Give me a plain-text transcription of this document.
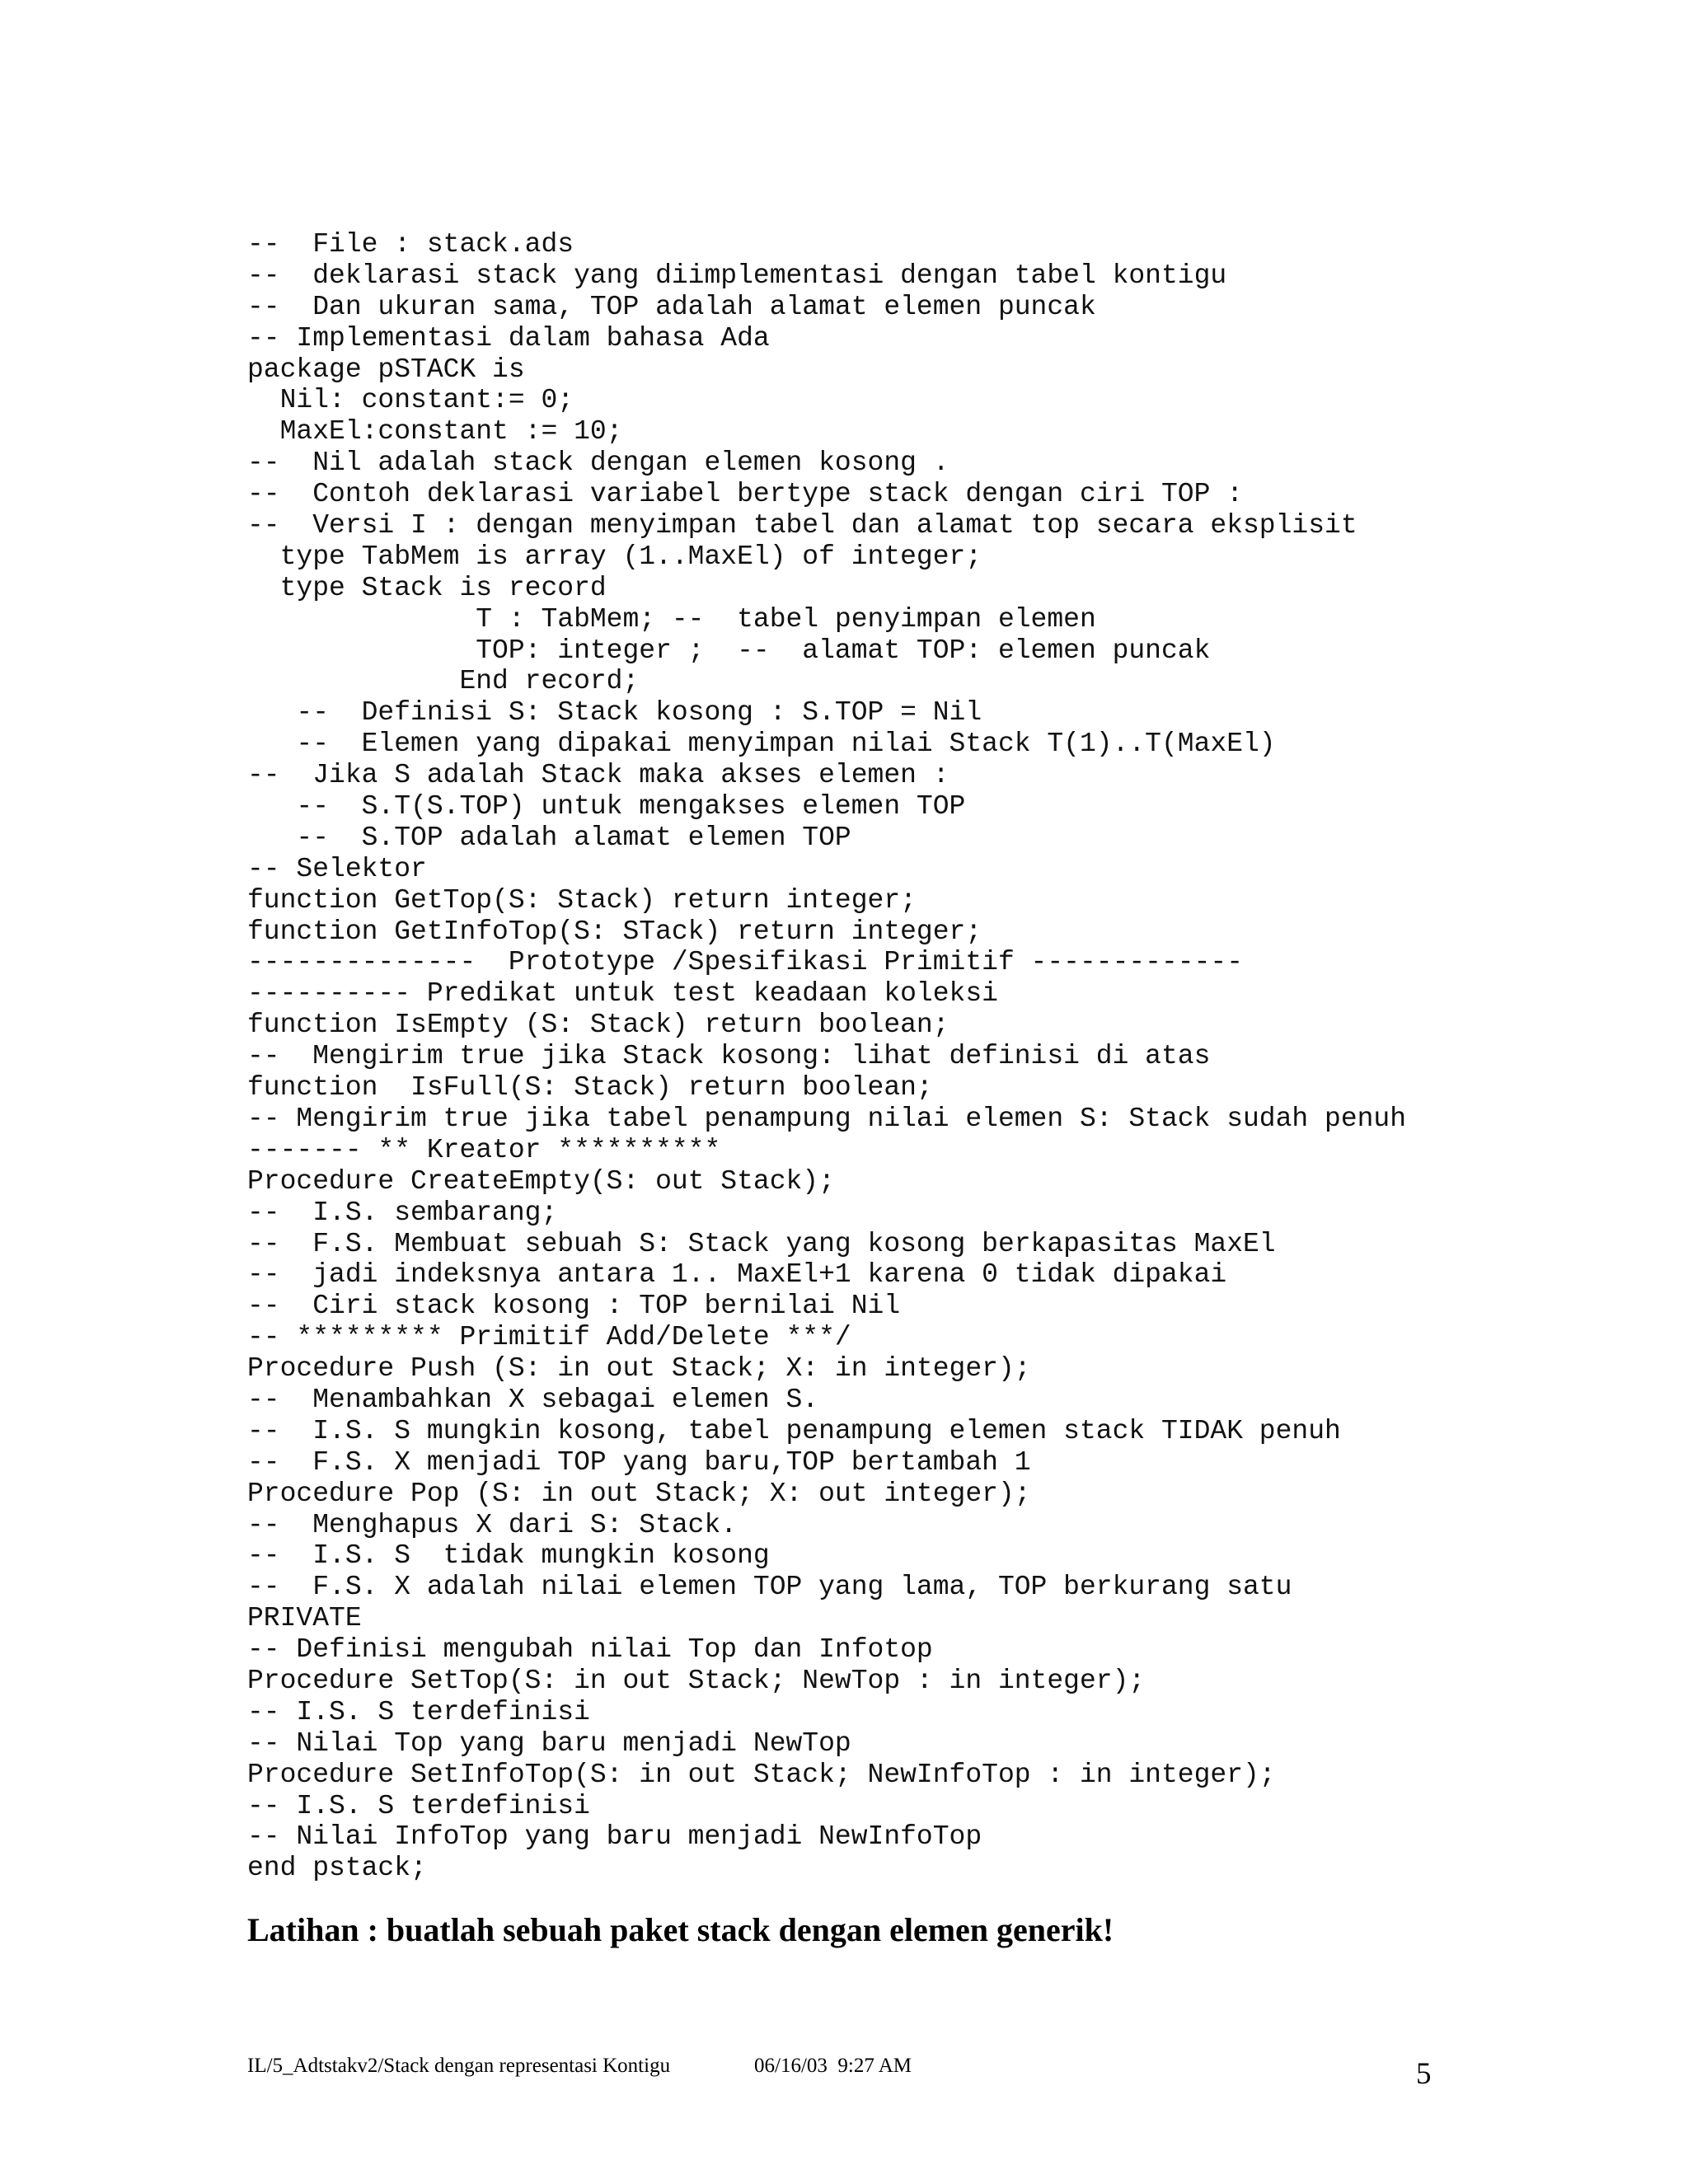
--  File : stack.ads
--  deklarasi stack yang diimplementasi dengan tabel kontigu
--  Dan ukuran sama, TOP adalah alamat elemen puncak
-- Implementasi dalam bahasa Ada
package pSTACK is
Nil: constant:= 0;
MaxEl:constant := 10;
--  Nil adalah stack dengan elemen kosong .
--  Contoh deklarasi variabel bertype stack dengan ciri TOP :
--  Versi I : dengan menyimpan tabel dan alamat top secara eksplisit
type TabMem is array (1..MaxEl) of integer;
type Stack is record
T : TabMem; --  tabel penyimpan elemen
TOP: integer ;  --  alamat TOP: elemen puncak
End record;
--  Definisi S: Stack kosong : S.TOP = Nil
--  Elemen yang dipakai menyimpan nilai Stack T(1)..T(MaxEl)
--  Jika S adalah Stack maka akses elemen :
--  S.T(S.TOP) untuk mengakses elemen TOP
--  S.TOP adalah alamat elemen TOP
-- Selektor
function GetTop(S: Stack) return integer;
function GetInfoTop(S: STack) return integer;
--------------  Prototype /Spesifikasi Primitif -------------
---------- Predikat untuk test keadaan koleksi
function IsEmpty (S: Stack) return boolean;
--  Mengirim true jika Stack kosong: lihat definisi di atas
function  IsFull(S: Stack) return boolean;
-- Mengirim true jika tabel penampung nilai elemen S: Stack sudah penuh
------- ** Kreator **********
Procedure CreateEmpty(S: out Stack);
--  I.S. sembarang;
--  F.S. Membuat sebuah S: Stack yang kosong berkapasitas MaxEl
--  jadi indeksnya antara 1.. MaxEl+1 karena 0 tidak dipakai
--  Ciri stack kosong : TOP bernilai Nil
-- ********* Primitif Add/Delete ***/
Procedure Push (S: in out Stack; X: in integer);
--  Menambahkan X sebagai elemen S.
--  I.S. S mungkin kosong, tabel penampung elemen stack TIDAK penuh
--  F.S. X menjadi TOP yang baru,TOP bertambah 1
Procedure Pop (S: in out Stack; X: out integer);
--  Menghapus X dari S: Stack.
--  I.S. S  tidak mungkin kosong
--  F.S. X adalah nilai elemen TOP yang lama, TOP berkurang satu
PRIVATE
-- Definisi mengubah nilai Top dan Infotop
Procedure SetTop(S: in out Stack; NewTop : in integer);
-- I.S. S terdefinisi
-- Nilai Top yang baru menjadi NewTop
Procedure SetInfoTop(S: in out Stack; NewInfoTop : in integer);
-- I.S. S terdefinisi
-- Nilai InfoTop yang baru menjadi NewInfoTop
end pstack;
Latihan : buatlah sebuah paket stack dengan elemen generik!
IL/5_Adtstakv2/Stack dengan representasi Kontigu	06/16/03  9:27 AM	5
